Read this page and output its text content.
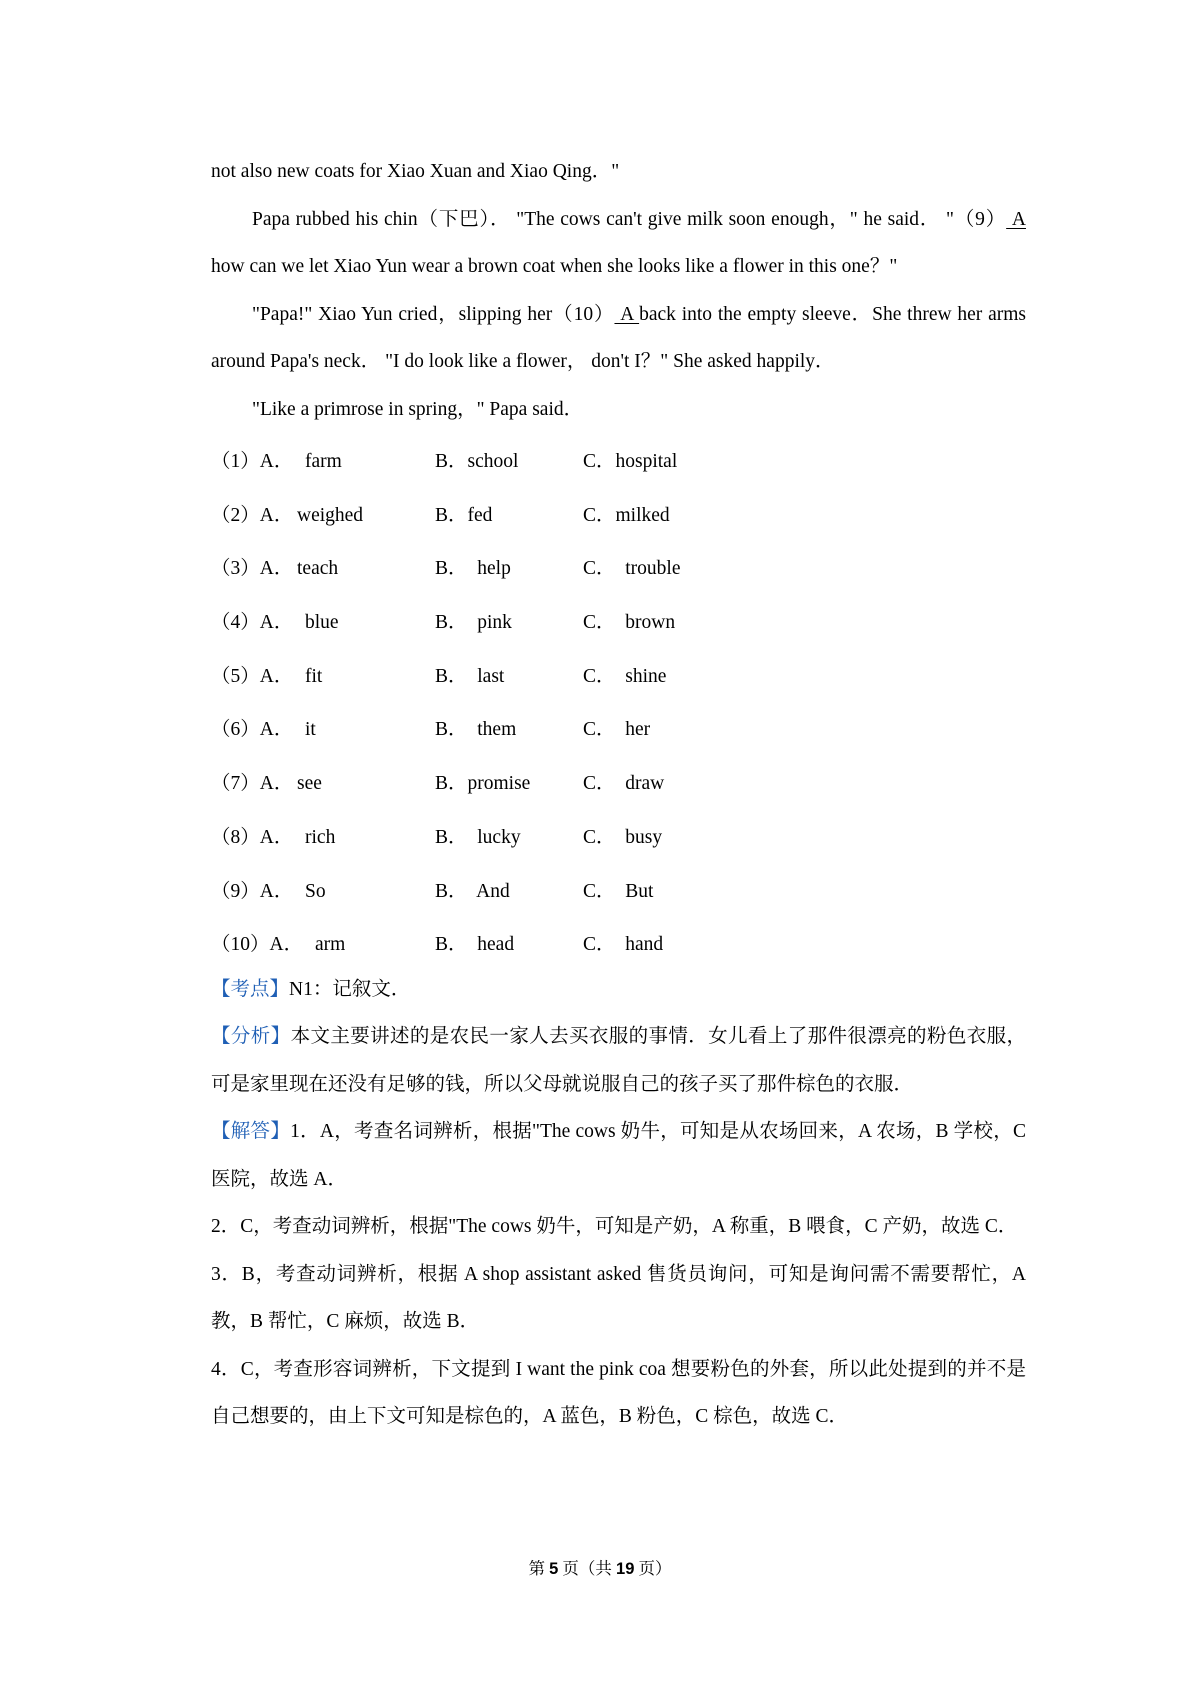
not also new coats for Xiao Xuan and Xiao Qing．"

Papa rubbed his chin（下巴）． "The cows can't give milk soon enough，" he said． "（9） A how can we let Xiao Yun wear a brown coat when she looks like a flower in this one？"

"Papa!" Xiao Yun cried，slipping her（10） A back into the empty sleeve．She threw her arms around Papa's neck． "I do look like a flower， don't I？" She asked happily．

"Like a primrose in spring，" Papa said．

（1）A． farm	B．school	C．hospital
（2）A． weighed	B．fed	C．milked
（3）A． teach	B．  help	C．  trouble
（4）A． blue	B．  pink	C．  brown
（5）A． fit	B．  last	C．  shine
（6）A． it	B．  them	C．  her
（7）A． see	B．promise	C．  draw
（8）A． rich	B．  lucky	C．  busy
（9）A． So	B．  And	C．  But
（10）A． arm	B．  head	C．  hand

【考点】N1：记叙文．

【分析】本文主要讲述的是农民一家人去买衣服的事情．女儿看上了那件很漂亮的粉色衣服，可是家里现在还没有足够的钱，所以父母就说服自己的孩子买了那件棕色的衣服．

【解答】1．A，考查名词辨析，根据"The cows 奶牛，可知是从农场回来，A 农场，B 学校，C 医院，故选 A．

2．C，考查动词辨析，根据"The cows 奶牛，可知是产奶，A 称重，B 喂食，C 产奶，故选 C．

3．B，考查动词辨析，根据 A shop assistant asked 售货员询问，可知是询问需不需要帮忙，A 教，B 帮忙，C 麻烦，故选 B．

4．C，考查形容词辨析，下文提到 I want the pink coa 想要粉色的外套，所以此处提到的并不是自己想要的，由上下文可知是棕色的，A 蓝色，B 粉色，C 棕色，故选 C．

第 5 页（共 19 页）
